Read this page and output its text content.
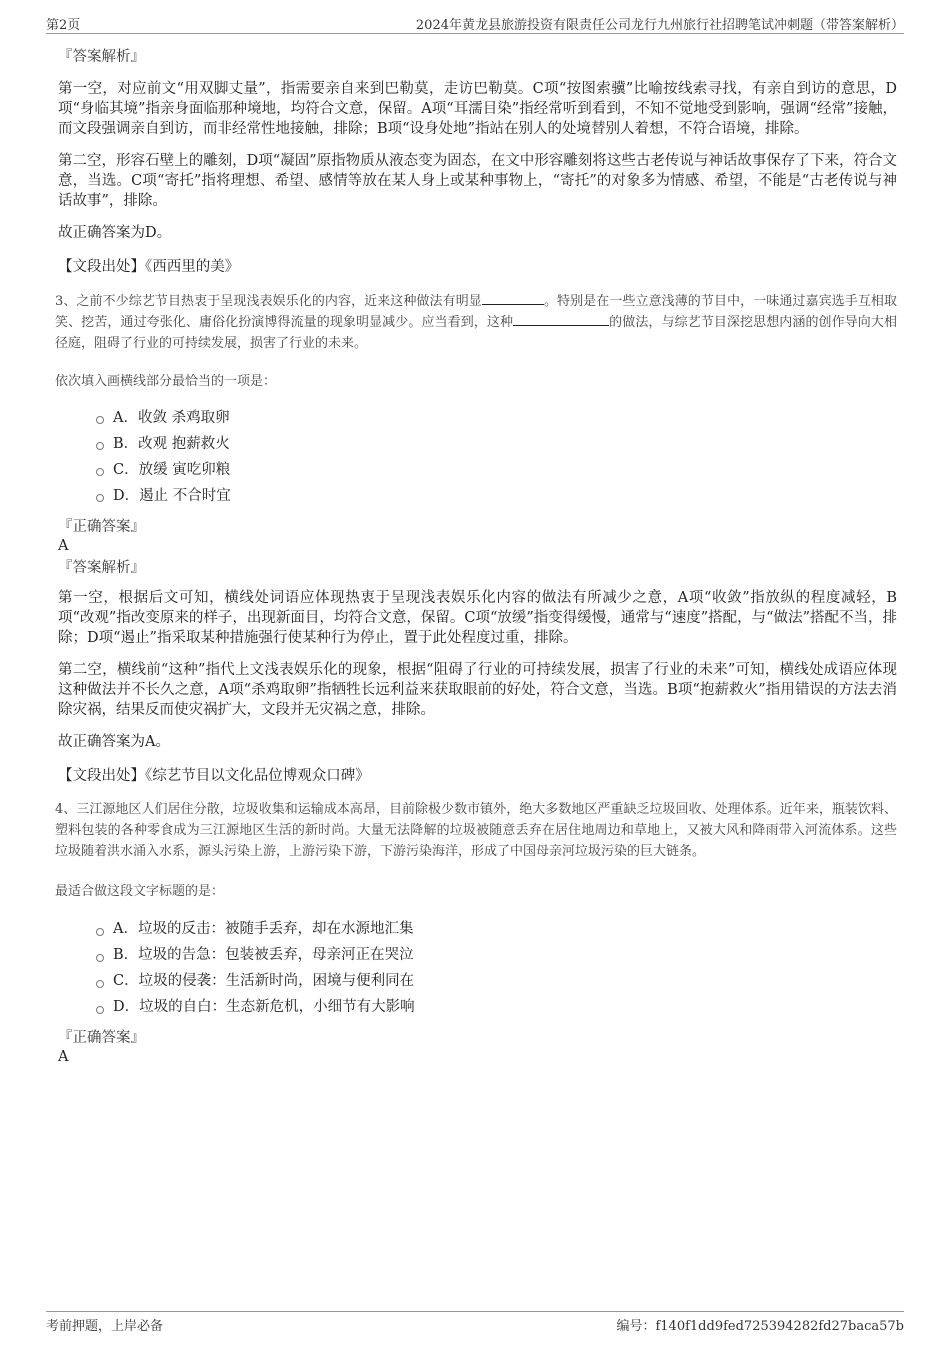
第2页	2024年黄龙县旅游投资有限责任公司龙行九州旅行社招聘笔试冲刺题（带答案解析）
『答案解析』

第一空，对应前文“用双脚丈量”，指需要亲自来到巴勒莫，走访巴勒莫。C项“按图索骥”比喻按线索寻找，有亲自到访的意思，D项“身临其境”指亲身面临那种境地，均符合文意，保留。A项“耳濡目染”指经常听到看到，不知不觉地受到影响，强调“经常”接触，而文段强调亲自到访，而非经常性地接触，排除；B项“设身处地”指站在别人的处境替别人着想，不符合语境，排除。

第二空，形容石壁上的雕刻，D项“凝固”原指物质从液态变为固态，在文中形容雕刻将这些古老传说与神话故事保存了下来，符合文意，当选。C项“寄托”指将理想、希望、感情等放在某人身上或某种事物上，“寄托”的对象多为情感、希望，不能是“古老传说与神话故事”，排除。

故正确答案为D。

【文段出处】《西西里的美》

3、之前不少综艺节目热衷于呈现浅表娱乐化的内容，近来这种做法有明显	。特别是在一些立意浅薄的节目中，一味通过嘉宾选手互相取笑、挖苦，通过夸张化、庸俗化扮演博得流量的现象明显减少。应当看到，这种	的做法，与综艺节目深挖思想内涵的创作导向大相径庭，阻碍了行业的可持续发展，损害了行业的未来。

依次填入画横线部分最恰当的一项是：

A． 收敛 杀鸡取卵
B． 改观 抱薪救火
C． 放缓 寅吃卯粮
D． 遏止 不合时宜
『正确答案』
A
『答案解析』

第一空，根据后文可知，横线处词语应体现热衷于呈现浅表娱乐化内容的做法有所减少之意，A项“收敛”指放纵的程度减轻，B项“改观”指改变原来的样子，出现新面目，均符合文意，保留。C项“放缓”指变得缓慢，通常与“速度”搭配，与“做法”搭配不当，排除；D项“遏止”指采取某种措施强行使某种行为停止，置于此处程度过重，排除。

第二空，横线前“这种”指代上文浅表娱乐化的现象，根据“阻碍了行业的可持续发展，损害了行业的未来”可知，横线处成语应体现这种做法并不长久之意，A项“杀鸡取卵”指牺牲长远利益来获取眼前的好处，符合文意，当选。B项“抱薪救火”指用错误的方法去消除灾祸，结果反而使灾祸扩大，文段并无灾祸之意，排除。

故正确答案为A。

【文段出处】《综艺节目以文化品位博观众口碑》

4、三江源地区人们居住分散，垃圾收集和运输成本高昂，目前除极少数市镇外，绝大多数地区严重缺乏垃圾回收、处理体系。近年来，瓶装饮料、塑料包装的各种零食成为三江源地区生活的新时尚。大量无法降解的垃圾被随意丢弃在居住地周边和草地上，又被大风和降雨带入河流体系。这些垃圾随着洪水涌入水系，源头污染上游，上游污染下游，下游污染海洋，形成了中国母亲河垃圾污染的巨大链条。

最适合做这段文字标题的是：

A． 垃圾的反击：被随手丢弃，却在水源地汇集
B． 垃圾的告急：包装被丢弃，母亲河正在哭泣
C． 垃圾的侵袭：生活新时尚，困境与便利同在
D． 垃圾的自白：生态新危机，小细节有大影响
『正确答案』
A
考前押题，上岸必备	编号：f140f1dd9fed725394282fd27baca57b
